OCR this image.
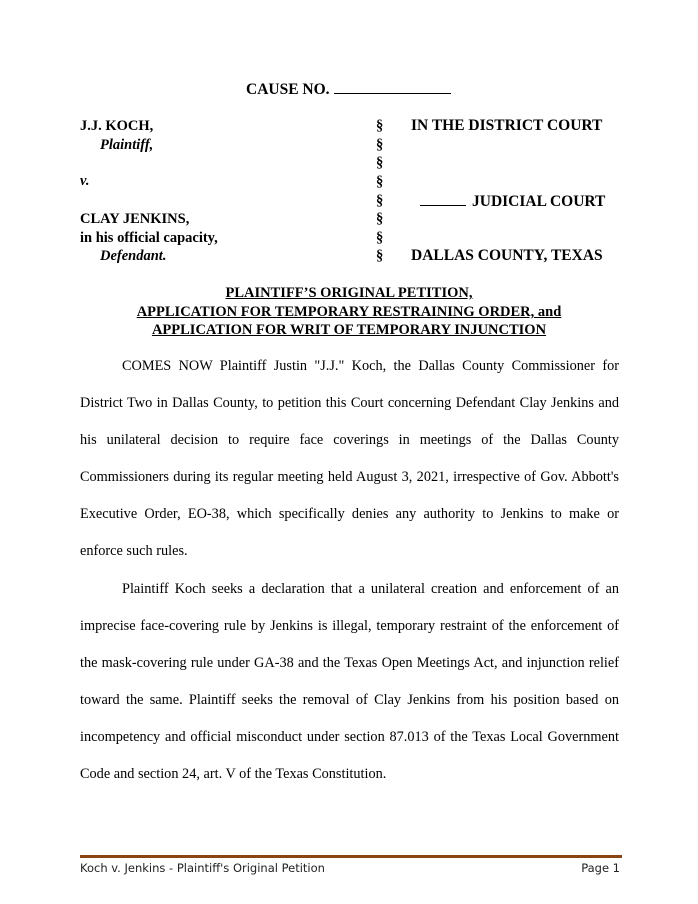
CAUSE NO.
J.J. KOCH,
Plaintiff,
v.
CLAY JENKINS,
in his official capacity,
Defendant.
§
§
§
§
§
§
§
§
IN THE DISTRICT COURT
JUDICIAL COURT
DALLAS COUNTY, TEXAS
PLAINTIFF’S ORIGINAL PETITION,
APPLICATION FOR TEMPORARY RESTRAINING ORDER, and
APPLICATION FOR WRIT OF TEMPORARY INJUNCTION

COMES NOW Plaintiff Justin "J.J." Koch, the Dallas County Commissioner for District Two in Dallas County, to petition this Court concerning Defendant Clay Jenkins and his unilateral decision to require face coverings in meetings of the Dallas County Commissioners during its regular meeting held August 3, 2021, irrespective of Gov. Abbott's Executive Order, EO-38, which specifically denies any authority to Jenkins to make or enforce such rules.

Plaintiff Koch seeks a declaration that a unilateral creation and enforcement of an imprecise face-covering rule by Jenkins is illegal, temporary restraint of the enforcement of the mask-covering rule under GA-38 and the Texas Open Meetings Act, and injunction relief toward the same. Plaintiff seeks the removal of Clay Jenkins from his position based on incompetency and official misconduct under section 87.013 of the Texas Local Government Code and section 24, art. V of the Texas Constitution.

Koch v. Jenkins - Plaintiff's Original Petition	Page 1
